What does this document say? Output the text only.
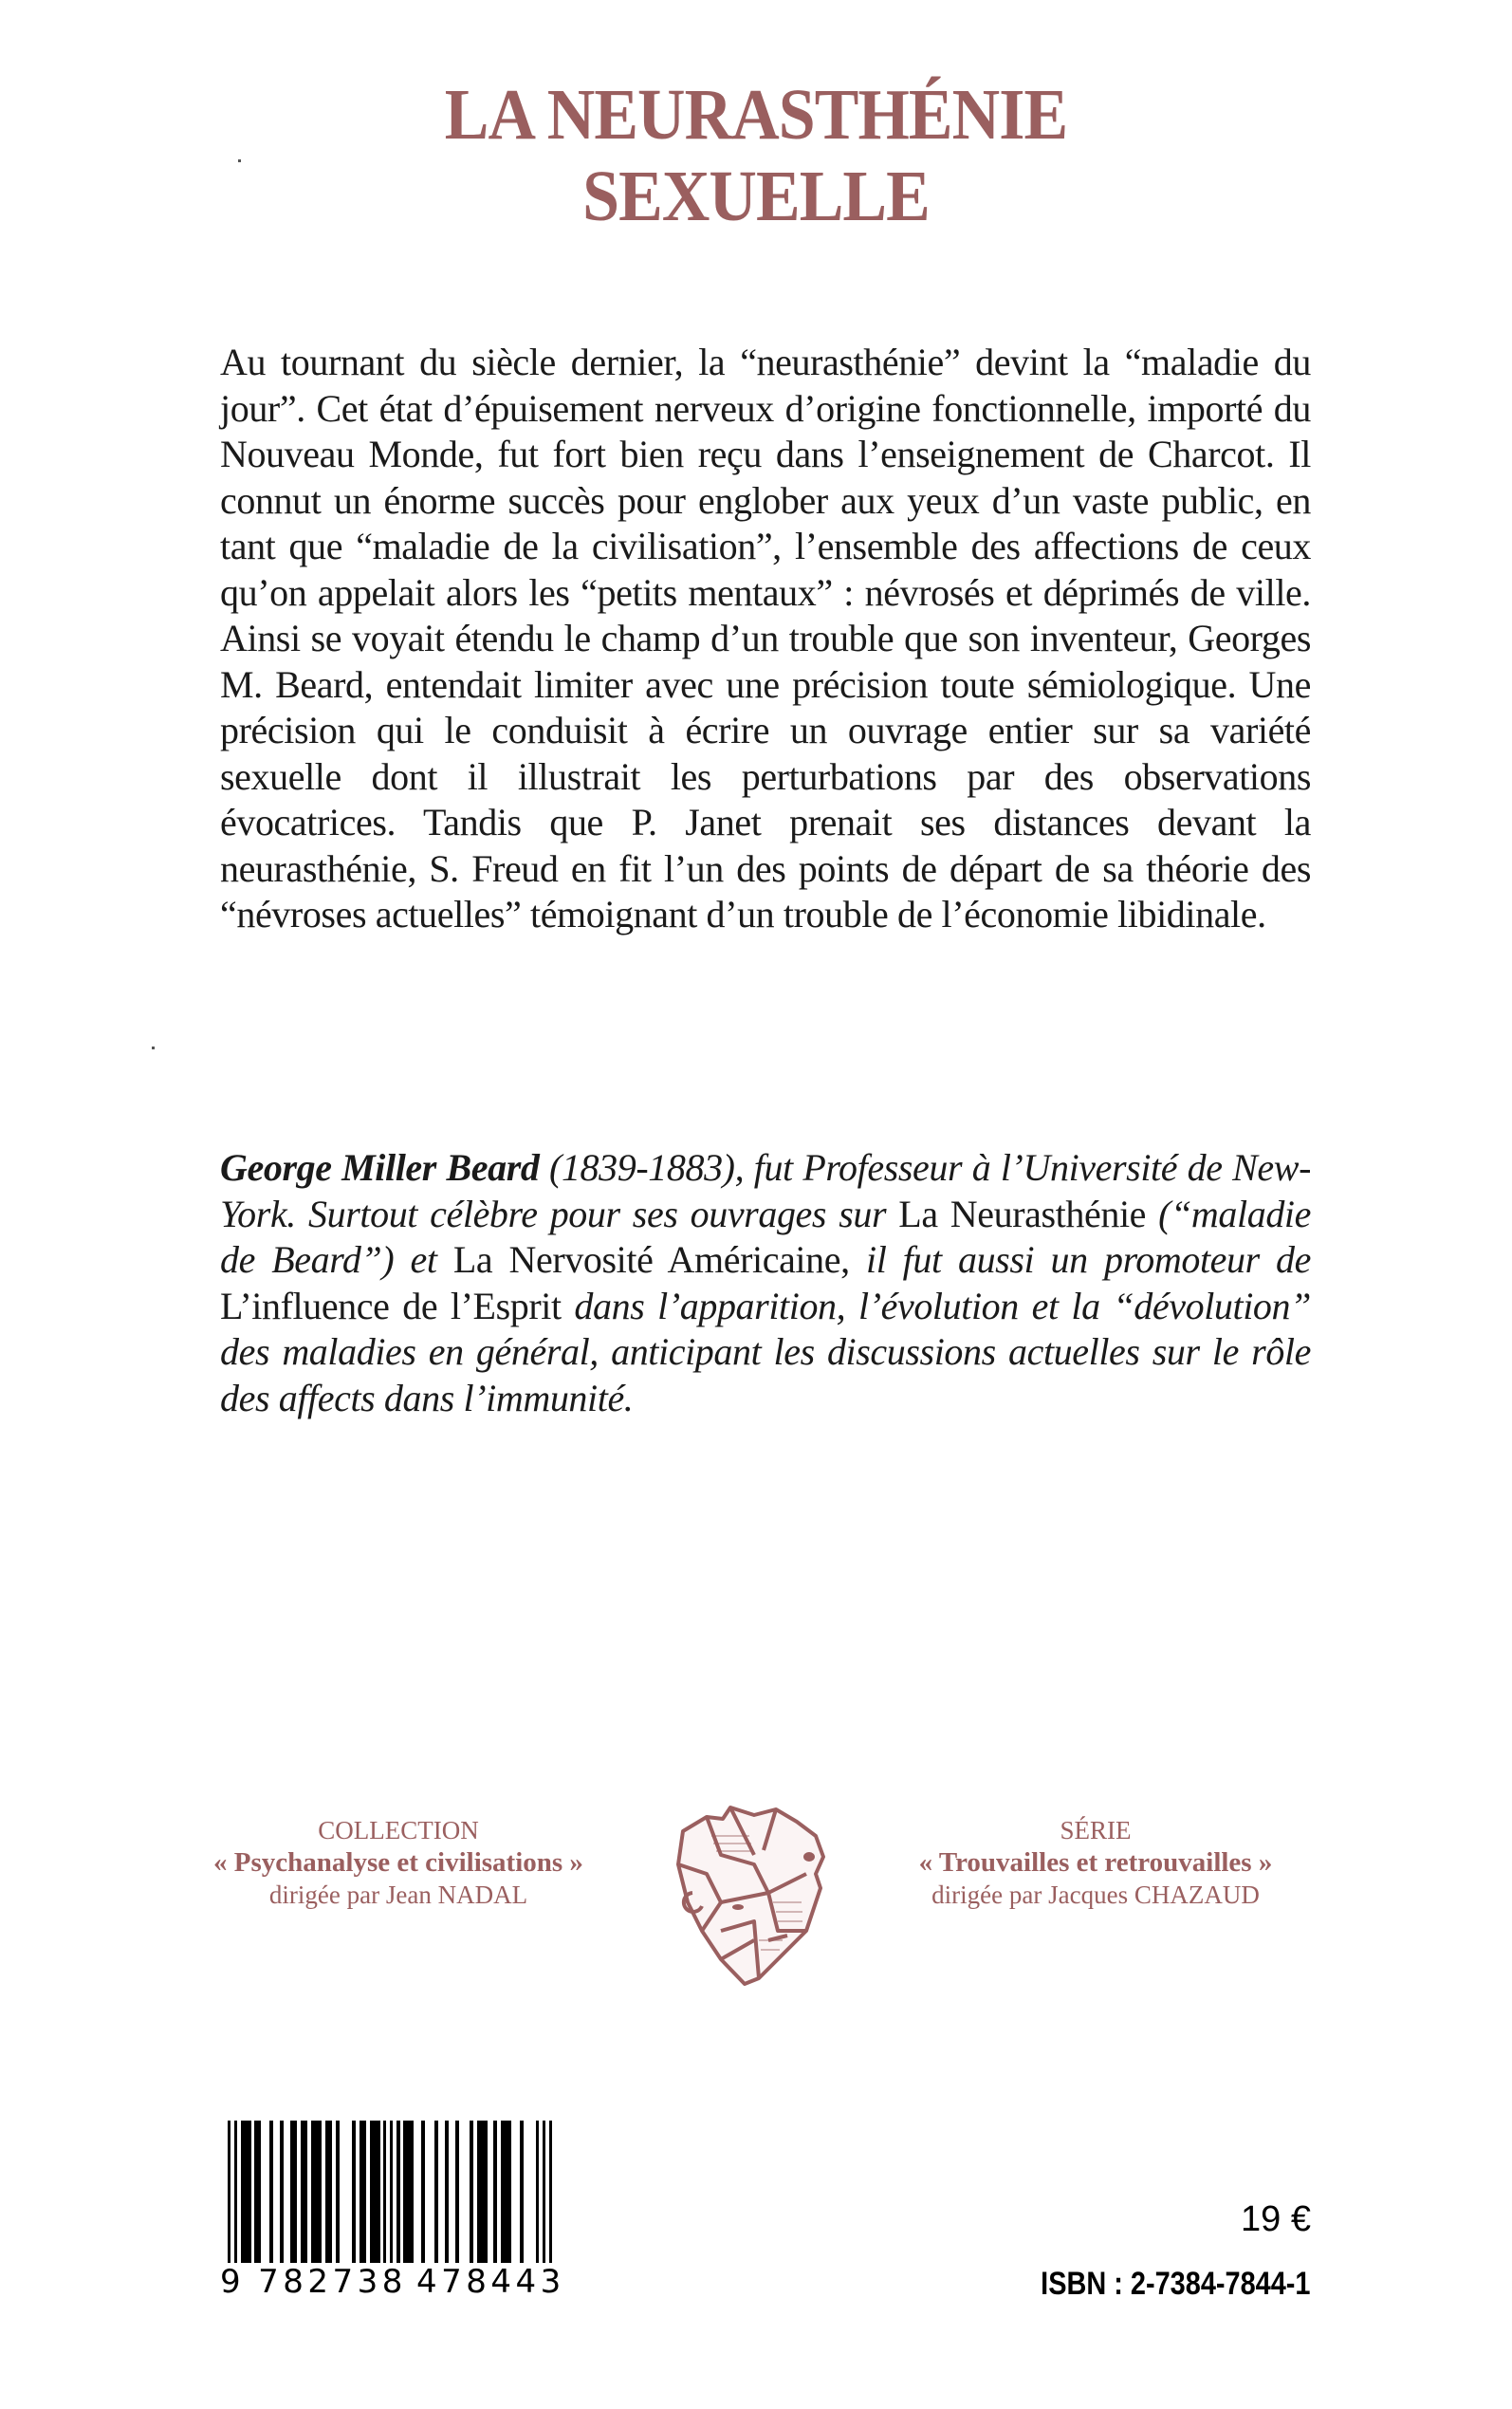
LA NEURASTHÉNIE
SEXUELLE

Au tournant du siècle dernier, la “neurasthénie” devint la “maladie du jour”. Cet état d’épuisement nerveux d’origine fonctionnelle, importé du Nouveau Monde, fut fort bien reçu dans l’enseignement de Charcot. Il connut un énorme succès pour englober aux yeux d’un vaste public, en tant que “maladie de la civilisation”, l’ensemble des affections de ceux qu’on appelait alors les “petits mentaux” : névrosés et déprimés de ville. Ainsi se voyait étendu le champ d’un trouble que son inventeur, Georges M. Beard, entendait limiter avec une précision toute sémiologique. Une précision qui le conduisit à écrire un ouvrage entier sur sa variété sexuelle dont il illustrait les perturbations par des observations évocatrices. Tandis que P. Janet prenait ses distances devant la neurasthénie, S. Freud en fit l’un des points de départ de sa théorie des “névroses actuelles” témoignant d’un trouble de l’économie libidinale.

George Miller Beard (1839-1883), fut Professeur à l’Université de New-York. Surtout célèbre pour ses ouvrages sur La Neurasthénie (“maladie de Beard”) et La Nervosité Américaine, il fut aussi un promoteur de L’influence de l’Esprit dans l’apparition, l’évolution et la “dévolution” des maladies en général, anticipant les discussions actuelles sur le rôle des affects dans l’immunité.

COLLECTION
« Psychanalyse et civilisations »
dirigée par Jean NADAL
SÉRIE
« Trouvailles et retrouvailles »
dirigée par Jacques CHAZAUD
9 782738 478443
19 €
ISBN : 2-7384-7844-1
